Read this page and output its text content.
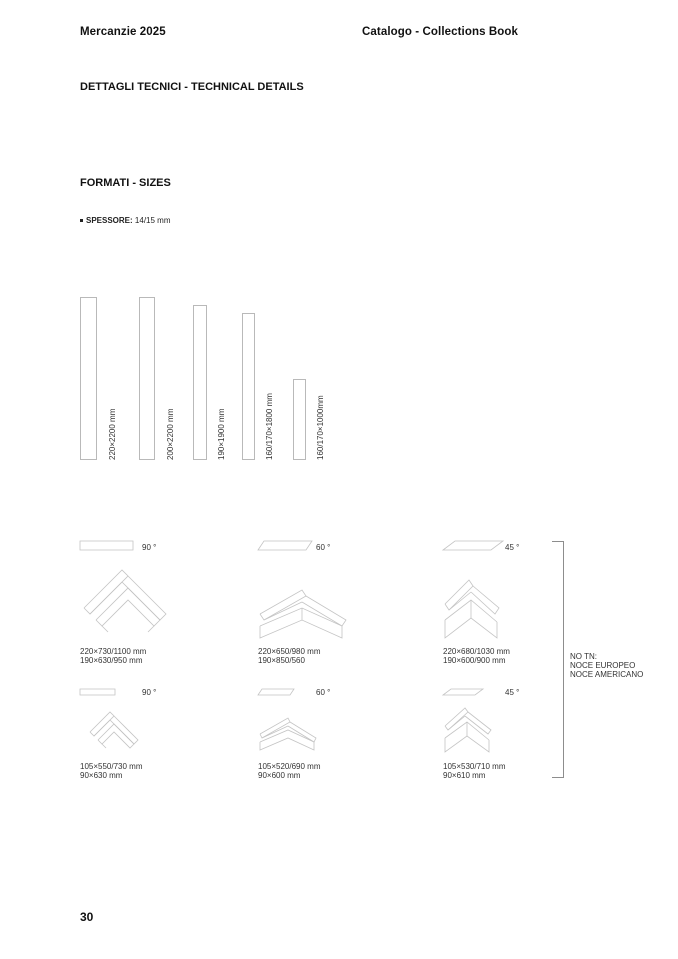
Mercanzie 2025	Catalogo - Collections Book
DETTAGLI TECNICI - TECHNICAL DETAILS
FORMATI - SIZES
SPESSORE: 14/15 mm
220×2200 mm	200×2200 mm	190×1900 mm	160/170×1800 mm	160/170×1000mm
90 °
220×730/1100 mm
190×630/950 mm
60 °
220×650/980 mm
190×850/560
45 °
220×680/1030 mm
190×600/900 mm
90 °
105×550/730 mm
90×630 mm
60 °
105×520/690 mm
90×600 mm
45 °
105×530/710 mm
90×610 mm
NO TN:
NOCE EUROPEO
NOCE AMERICANO
30
